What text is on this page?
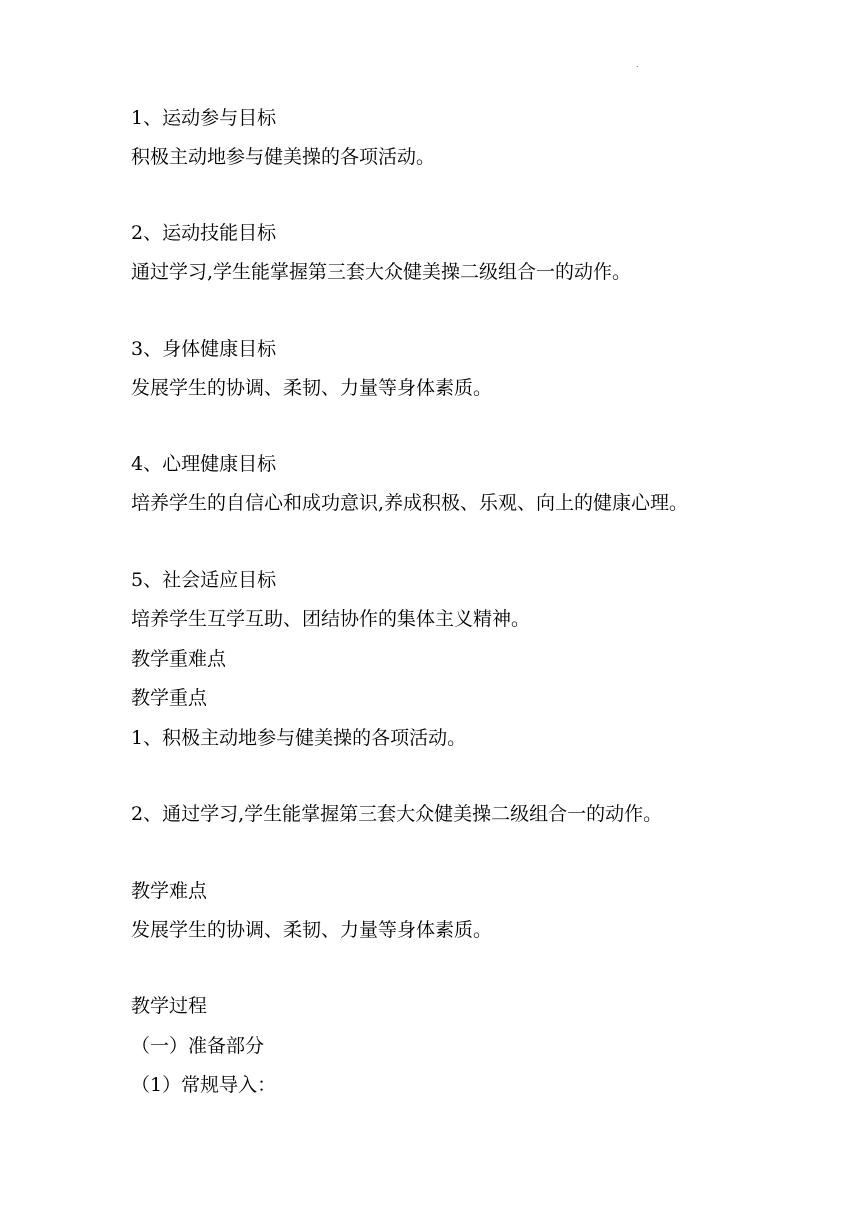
.
1、运动参与目标
积极主动地参与健美操的各项活动。
2、运动技能目标
通过学习,学生能掌握第三套大众健美操二级组合一的动作。
3、身体健康目标
发展学生的协调、柔韧、力量等身体素质。
4、心理健康目标
培养学生的自信心和成功意识,养成积极、乐观、向上的健康心理。
5、社会适应目标
培养学生互学互助、团结协作的集体主义精神。
教学重难点
教学重点
1、积极主动地参与健美操的各项活动。
2、通过学习,学生能掌握第三套大众健美操二级组合一的动作。
教学难点
发展学生的协调、柔韧、力量等身体素质。
教学过程
（一）准备部分
（1）常规导入：
